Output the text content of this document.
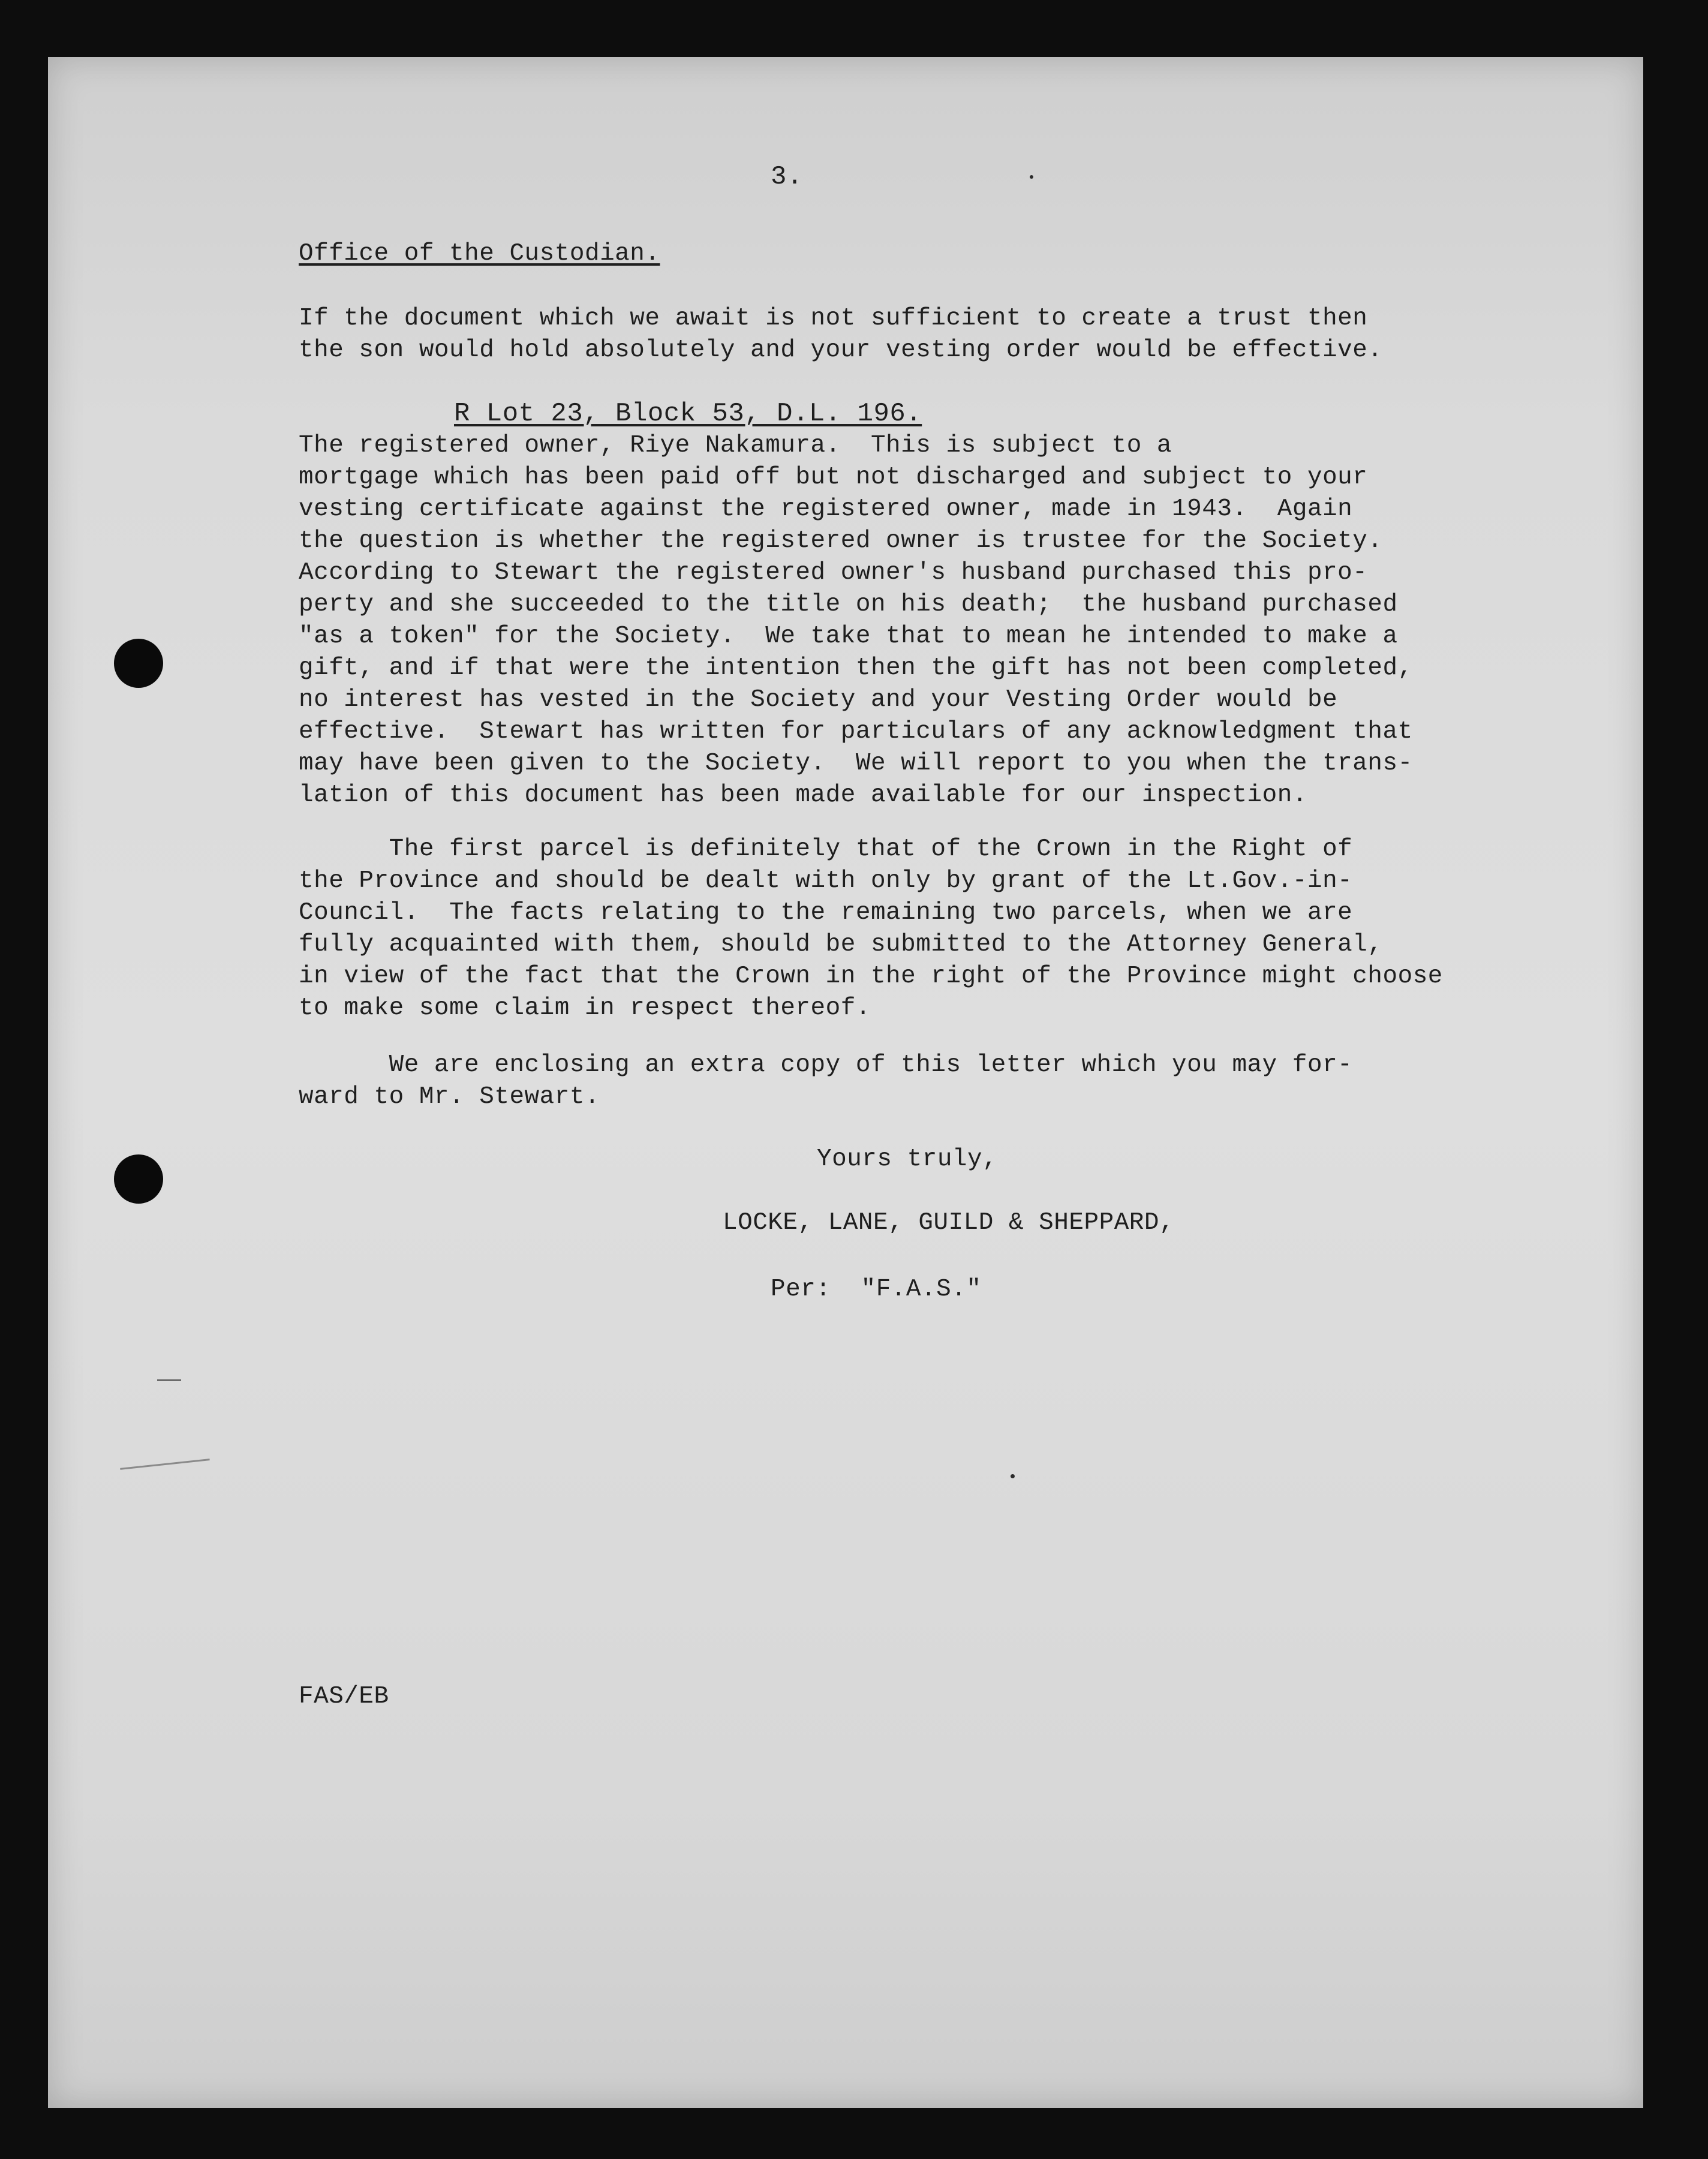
3.
Office of the Custodian.
If the document which we await is not sufficient to create a trust then
the son would hold absolutely and your vesting order would be effective.
R Lot 23, Block 53, D.L. 196.
The registered owner, Riye Nakamura.  This is subject to a
mortgage which has been paid off but not discharged and subject to your
vesting certificate against the registered owner, made in 1943.  Again
the question is whether the registered owner is trustee for the Society.
According to Stewart the registered owner's husband purchased this pro-
perty and she succeeded to the title on his death;  the husband purchased
"as a token" for the Society.  We take that to mean he intended to make a
gift, and if that were the intention then the gift has not been completed,
no interest has vested in the Society and your Vesting Order would be
effective.  Stewart has written for particulars of any acknowledgment that
may have been given to the Society.  We will report to you when the trans-
lation of this document has been made available for our inspection.
The first parcel is definitely that of the Crown in the Right of
the Province and should be dealt with only by grant of the Lt.Gov.-in-
Council.  The facts relating to the remaining two parcels, when we are
fully acquainted with them, should be submitted to the Attorney General,
in view of the fact that the Crown in the right of the Province might choose
to make some claim in respect thereof.
We are enclosing an extra copy of this letter which you may for-
ward to Mr. Stewart.
Yours truly,
LOCKE, LANE, GUILD & SHEPPARD,
Per:  "F.A.S."
FAS/EB
